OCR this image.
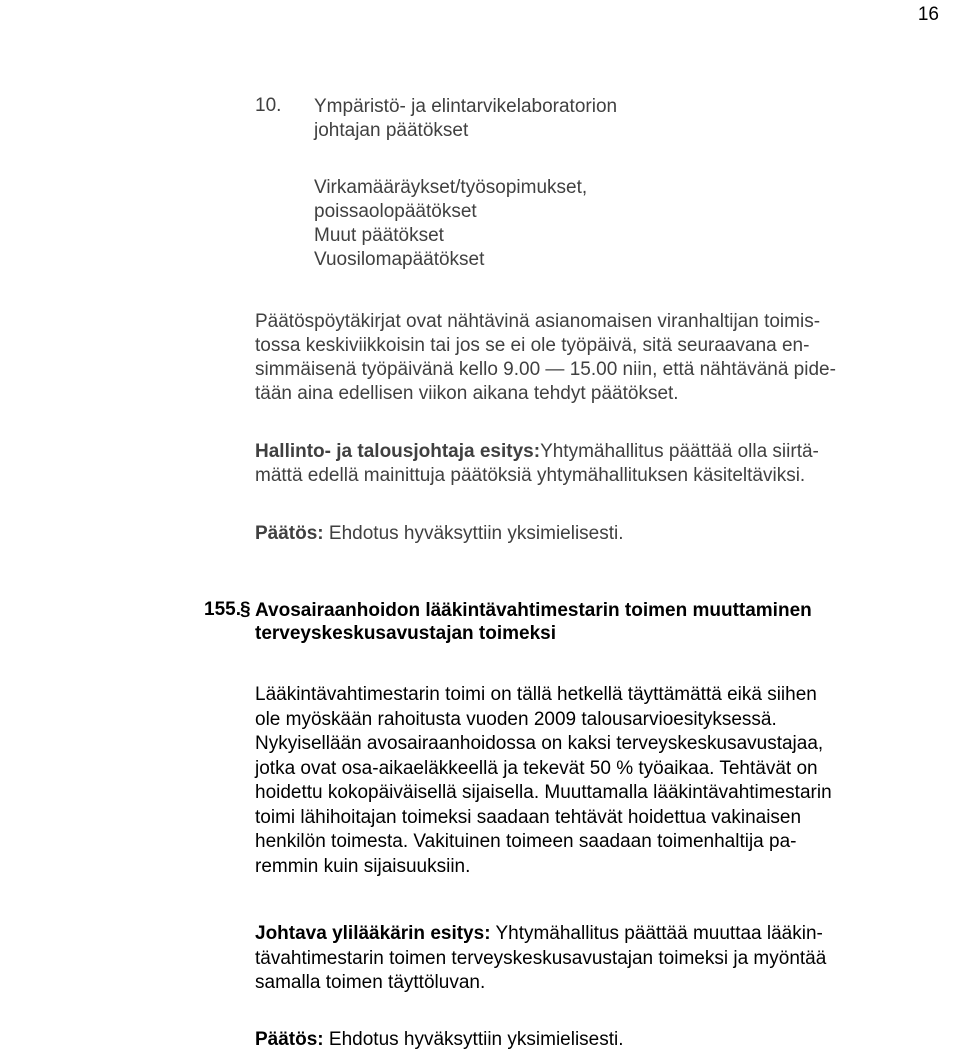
16
10. Ympäristö- ja elintarvikelaboratorion
johtajan päätökset
Virkamääräykset/työsopimukset,
poissaolopäätökset
Muut päätökset
Vuosilomapäätökset
Päätöspöytäkirjat ovat nähtävinä asianomaisen viranhaltijan toimis-
tossa keskiviikkoisin tai jos se ei ole työpäivä, sitä seuraavana en-
simmäisenä työpäivänä kello 9.00 — 15.00 niin, että nähtävänä pide-
tään aina edellisen viikon aikana tehdyt päätökset.
Hallinto- ja talousjohtaja esitys:Yhtymähallitus päättää olla siirtä-
mättä edellä mainittuja päätöksiä yhtymähallituksen käsiteltäviksi.
Päätös: Ehdotus hyväksyttiin yksimielisesti.
155. § Avosairaanhoidon lääkintävahtimestarin toimen muuttaminen
terveyskeskusavustajan toimeksi
Lääkintävahtimestarin toimi on tällä hetkellä täyttämättä eikä siihen
ole myöskään rahoitusta vuoden 2009 talousarvioesityksessä.
Nykyisellään avosairaanhoidossa on kaksi terveyskeskusavustajaa,
jotka ovat osa-aikaeläkkeellä ja tekevät 50 % työaikaa. Tehtävät on
hoidettu kokopäiväisellä sijaisella. Muuttamalla lääkintävahtimestarin
toimi lähihoitajan toimeksi saadaan tehtävät hoidettua vakinaisen
henkilön toimesta. Vakituinen toimeen saadaan toimenhaltija pa-
remmin kuin sijaisuuksiin.
Johtava ylilääkärin esitys: Yhtymähallitus päättää muuttaa lääkin-
tävahtimestarin toimen terveyskeskusavustajan toimeksi ja myöntää
samalla toimen täyttöluvan.
Päätös: Ehdotus hyväksyttiin yksimielisesti.
